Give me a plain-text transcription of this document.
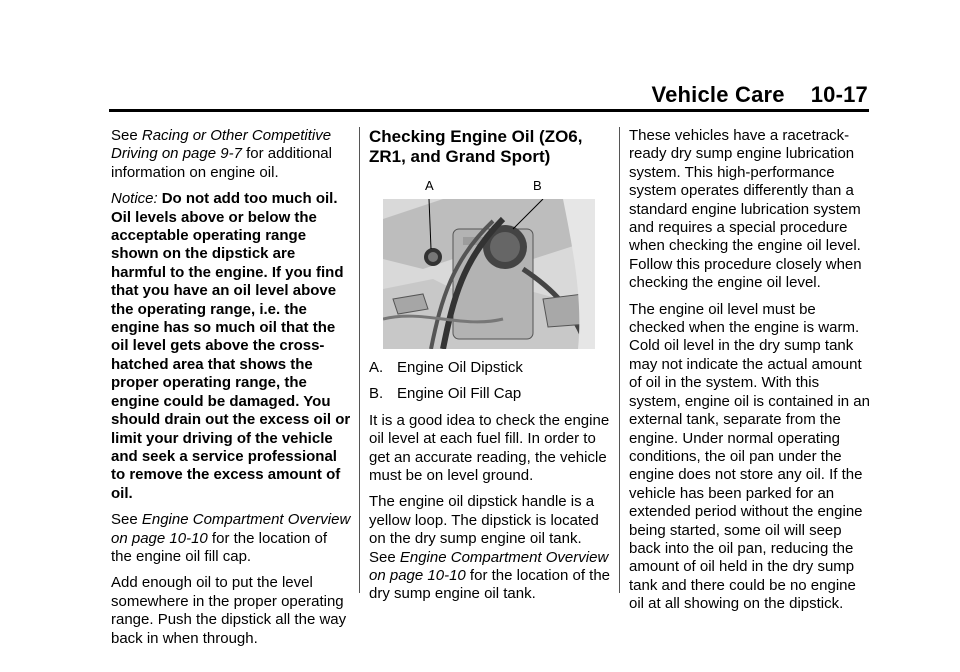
Vehicle Care 10-17

See Racing or Other Competitive Driving on page 9-7 for additional information on engine oil.

Notice: Do not add too much oil. Oil levels above or below the acceptable operating range shown on the dipstick are harmful to the engine. If you find that you have an oil level above the operating range, i.e. the engine has so much oil that the oil level gets above the cross-hatched area that shows the proper operating range, the engine could be damaged. You should drain out the excess oil or limit your driving of the vehicle and seek a service professional to remove the excess amount of oil.

See Engine Compartment Overview on page 10-10 for the location of the engine oil fill cap.

Add enough oil to put the level somewhere in the proper operating range. Push the dipstick all the way back in when through.

Checking Engine Oil (ZO6, ZR1, and Grand Sport)
A	B
A. Engine Oil Dipstick
B. Engine Oil Fill Cap

It is a good idea to check the engine oil level at each fuel fill. In order to get an accurate reading, the vehicle must be on level ground.

The engine oil dipstick handle is a yellow loop. The dipstick is located on the dry sump engine oil tank. See Engine Compartment Overview on page 10-10 for the location of the dry sump engine oil tank.

These vehicles have a racetrack-ready dry sump engine lubrication system. This high-performance system operates differently than a standard engine lubrication system and requires a special procedure when checking the engine oil level. Follow this procedure closely when checking the engine oil level.

The engine oil level must be checked when the engine is warm. Cold oil level in the dry sump tank may not indicate the actual amount of oil in the system. With this system, engine oil is contained in an external tank, separate from the engine. Under normal operating conditions, the oil pan under the engine does not store any oil. If the vehicle has been parked for an extended period without the engine being started, some oil will seep back into the oil pan, reducing the amount of oil held in the dry sump tank and there could be no engine oil at all showing on the dipstick.
